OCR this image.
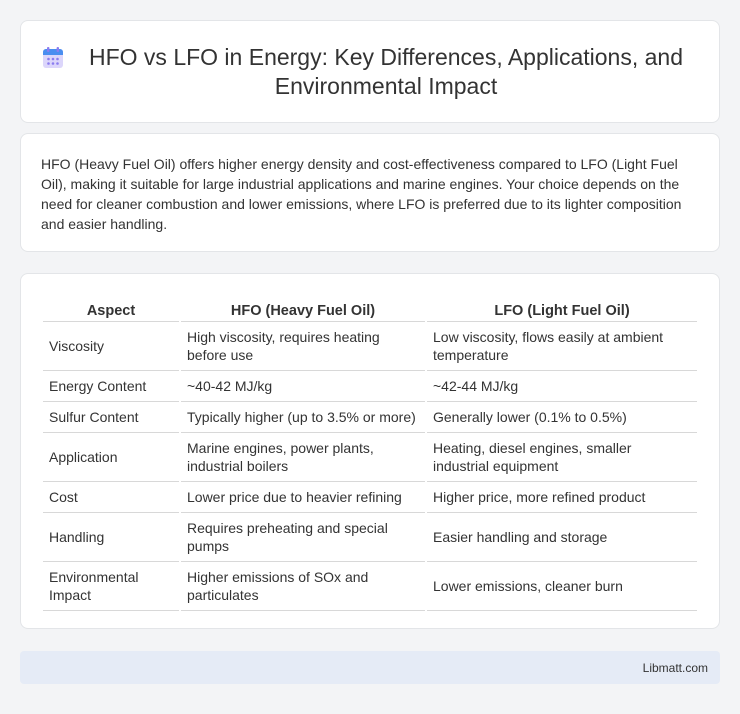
HFO vs LFO in Energy: Key Differences, Applications, and Environmental Impact

HFO (Heavy Fuel Oil) offers higher energy density and cost-effectiveness compared to LFO (Light Fuel Oil), making it suitable for large industrial applications and marine engines. Your choice depends on the need for cleaner combustion and lower emissions, where LFO is preferred due to its lighter composition and easier handling.

Aspect	HFO (Heavy Fuel Oil)	LFO (Light Fuel Oil)
Viscosity	High viscosity, requires heating before use	Low viscosity, flows easily at ambient temperature
Energy Content	~40-42 MJ/kg	~42-44 MJ/kg
Sulfur Content	Typically higher (up to 3.5% or more)	Generally lower (0.1% to 0.5%)
Application	Marine engines, power plants, industrial boilers	Heating, diesel engines, smaller industrial equipment
Cost	Lower price due to heavier refining	Higher price, more refined product
Handling	Requires preheating and special pumps	Easier handling and storage
Environmental Impact	Higher emissions of SOx and particulates	Lower emissions, cleaner burn
Libmatt.com
